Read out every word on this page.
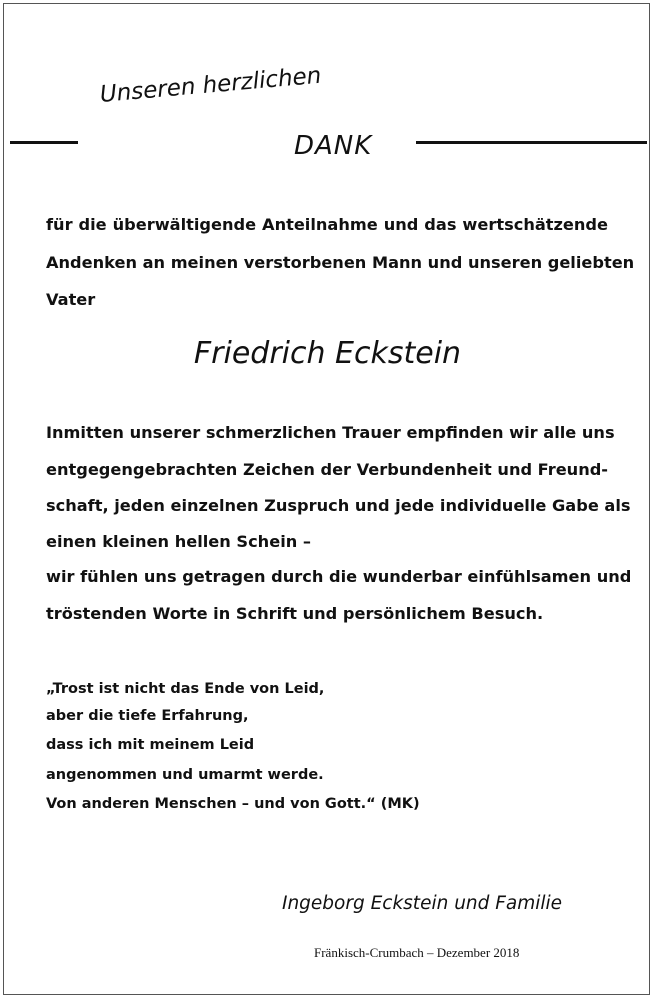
Unseren herzlichen
DANK
für die überwältigende Anteilnahme und das wertschätzende
Andenken an meinen verstorbenen Mann und unseren geliebten
Vater
Friedrich Eckstein
Inmitten unserer schmerzlichen Trauer empfinden wir alle uns
entgegengebrachten Zeichen der Verbundenheit und Freund-
schaft, jeden einzelnen Zuspruch und jede individuelle Gabe als
einen kleinen hellen Schein –
wir fühlen uns getragen durch die wunderbar einfühlsamen und
tröstenden Worte in Schrift und persönlichem Besuch.
„Trost ist nicht das Ende von Leid,
aber die tiefe Erfahrung,
dass ich mit meinem Leid
angenommen und umarmt werde.
Von anderen Menschen – und von Gott.“ (MK)
Ingeborg Eckstein und Familie
Fränkisch-Crumbach – Dezember 2018
